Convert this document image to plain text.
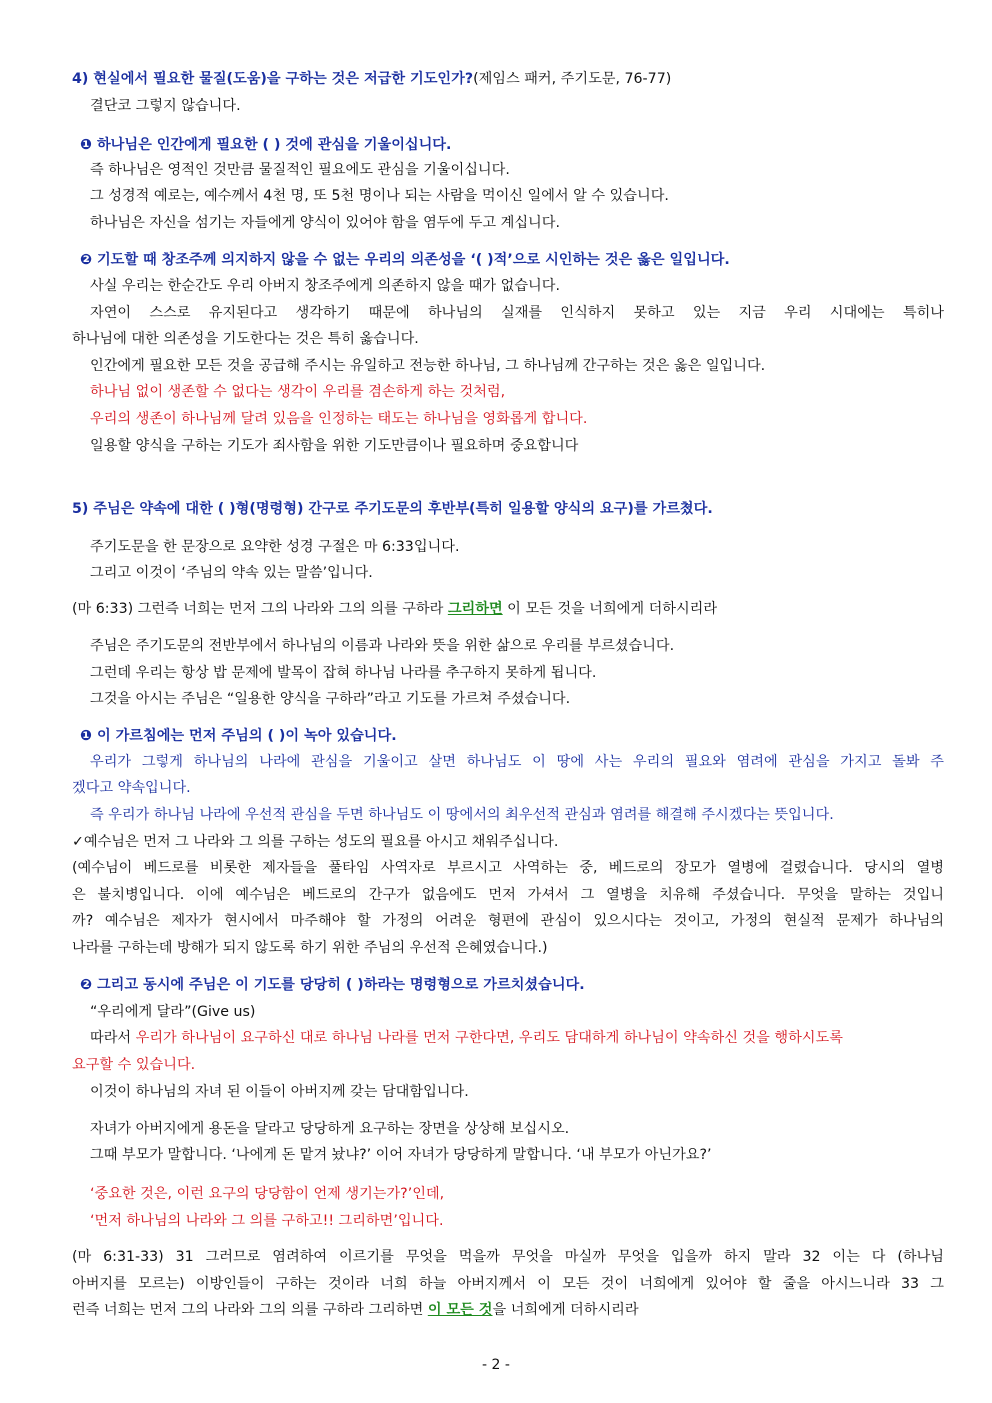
4) 현실에서 필요한 물질(도움)을 구하는 것은 저급한 기도인가?(제임스 패커, 주기도문, 76-77)
결단코 그렇지 않습니다.
❶ 하나님은 인간에게 필요한 ( ) 것에 관심을 기울이십니다.
즉 하나님은 영적인 것만큼 물질적인 필요에도 관심을 기울이십니다.
그 성경적 예로는, 예수께서 4천 명, 또 5천 명이나 되는 사람을 먹이신 일에서 알 수 있습니다.
하나님은 자신을 섬기는 자들에게 양식이 있어야 함을 염두에 두고 계십니다.
❷ 기도할 때 창조주께 의지하지 않을 수 없는 우리의 의존성을 ‘( )적’으로 시인하는 것은 옳은 일입니다.
사실 우리는 한순간도 우리 아버지 창조주에게 의존하지 않을 때가 없습니다.
자연이 스스로 유지된다고 생각하기 때문에 하나님의 실재를 인식하지 못하고 있는 지금 우리 시대에는 특히나
하나님에 대한 의존성을 기도한다는 것은 특히 옳습니다.
인간에게 필요한 모든 것을 공급해 주시는 유일하고 전능한 하나님, 그 하나님께 간구하는 것은 옳은 일입니다.
하나님 없이 생존할 수 없다는 생각이 우리를 겸손하게 하는 것처럼,
우리의 생존이 하나님께 달려 있음을 인정하는 태도는 하나님을 영화롭게 합니다.
일용할 양식을 구하는 기도가 죄사함을 위한 기도만큼이나 필요하며 중요합니다
5) 주님은 약속에 대한 ( )형(명령형) 간구로 주기도문의 후반부(특히 일용할 양식의 요구)를 가르쳤다.
주기도문을 한 문장으로 요약한 성경 구절은 마 6:33입니다.
그리고 이것이 ‘주님의 약속 있는 말씀’입니다.
(마 6:33) 그런즉 너희는 먼저 그의 나라와 그의 의를 구하라 그리하면 이 모든 것을 너희에게 더하시리라
주님은 주기도문의 전반부에서 하나님의 이름과 나라와 뜻을 위한 삶으로 우리를 부르셨습니다.
그런데 우리는 항상 밥 문제에 발목이 잡혀 하나님 나라를 추구하지 못하게 됩니다.
그것을 아시는 주님은 “일용한 양식을 구하라”라고 기도를 가르쳐 주셨습니다.
❶ 이 가르침에는 먼저 주님의 ( )이 녹아 있습니다.
우리가 그렇게 하나님의 나라에 관심을 기울이고 살면 하나님도 이 땅에 사는 우리의 필요와 염려에 관심을 가지고 돌봐 주
겠다고 약속입니다.
즉 우리가 하나님 나라에 우선적 관심을 두면 하나님도 이 땅에서의 최우선적 관심과 염려를 해결해 주시겠다는 뜻입니다.
✓예수님은 먼저 그 나라와 그 의를 구하는 성도의 필요를 아시고 채워주십니다.
(예수님이 베드로를 비롯한 제자들을 풀타임 사역자로 부르시고 사역하는 중, 베드로의 장모가 열병에 걸렸습니다. 당시의 열병
은 불치병입니다. 이에 예수님은 베드로의 간구가 없음에도 먼저 가셔서 그 열병을 치유해 주셨습니다. 무엇을 말하는 것입니
까? 예수님은 제자가 현시에서 마주해야 할 가정의 어려운 형편에 관심이 있으시다는 것이고, 가정의 현실적 문제가 하나님의
나라를 구하는데 방해가 되지 않도록 하기 위한 주님의 우선적 은혜였습니다.)
❷ 그리고 동시에 주님은 이 기도를 당당히 ( )하라는 명령형으로 가르치셨습니다.
“우리에게 달라”(Give us)
따라서 우리가 하나님이 요구하신 대로 하나님 나라를 먼저 구한다면, 우리도 담대하게 하나님이 약속하신 것을 행하시도록
요구할 수 있습니다.
이것이 하나님의 자녀 된 이들이 아버지께 갖는 담대함입니다.
자녀가 아버지에게 용돈을 달라고 당당하게 요구하는 장면을 상상해 보십시오.
그때 부모가 말합니다. ‘나에게 돈 맡겨 놨냐?’ 이어 자녀가 당당하게 말합니다. ‘내 부모가 아닌가요?’
‘중요한 것은, 이런 요구의 당당함이 언제 생기는가?’인데,
‘먼저 하나님의 나라와 그 의를 구하고!! 그리하면’입니다.
(마 6:31-33) 31 그러므로 염려하여 이르기를 무엇을 먹을까 무엇을 마실까 무엇을 입을까 하지 말라 32 이는 다 (하나님
아버지를 모르는) 이방인들이 구하는 것이라 너희 하늘 아버지께서 이 모든 것이 너희에게 있어야 할 줄을 아시느니라 33 그
런즉 너희는 먼저 그의 나라와 그의 의를 구하라 그리하면 이 모든 것을 너희에게 더하시리라
- 2 -
